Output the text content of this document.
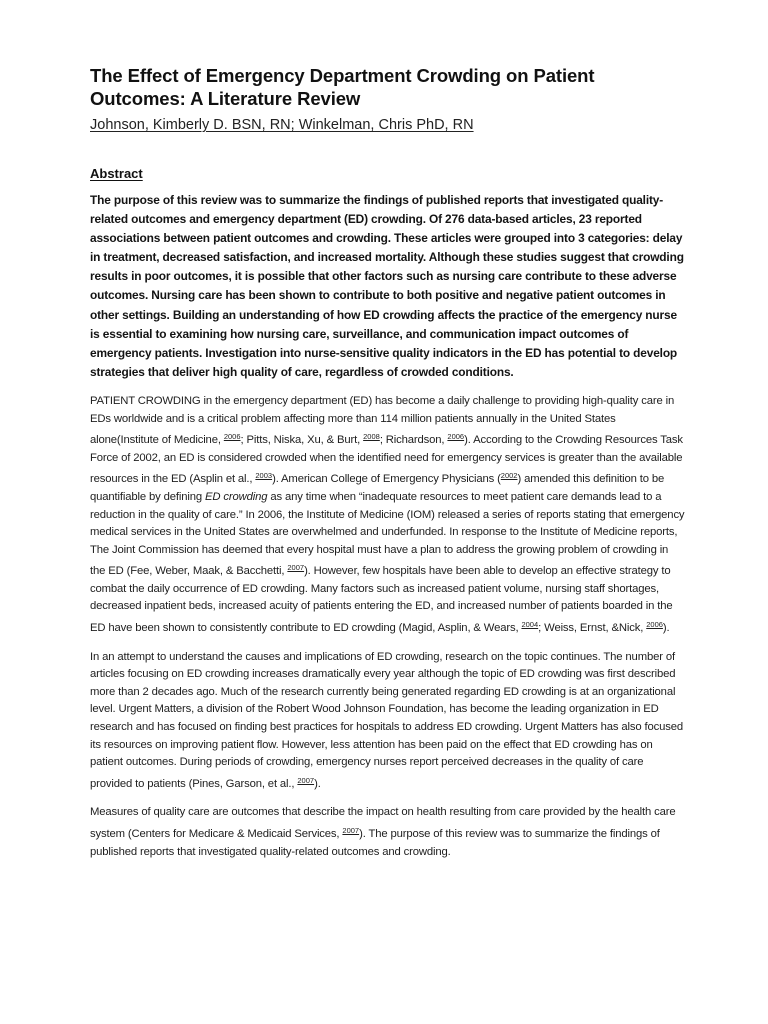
The Effect of Emergency Department Crowding on Patient Outcomes: A Literature Review
Johnson, Kimberly D. BSN, RN; Winkelman, Chris PhD, RN
Abstract

The purpose of this review was to summarize the findings of published reports that investigated quality-related outcomes and emergency department (ED) crowding. Of 276 data-based articles, 23 reported associations between patient outcomes and crowding. These articles were grouped into 3 categories: delay in treatment, decreased satisfaction, and increased mortality. Although these studies suggest that crowding results in poor outcomes, it is possible that other factors such as nursing care contribute to these adverse outcomes. Nursing care has been shown to contribute to both positive and negative patient outcomes in other settings. Building an understanding of how ED crowding affects the practice of the emergency nurse is essential to examining how nursing care, surveillance, and communication impact outcomes of emergency patients. Investigation into nurse-sensitive quality indicators in the ED has potential to develop strategies that deliver high quality of care, regardless of crowded conditions.

PATIENT CROWDING in the emergency department (ED) has become a daily challenge to providing high-quality care in EDs worldwide and is a critical problem affecting more than 114 million patients annually in the United States alone(Institute of Medicine, $^{2006}$; Pitts, Niska, Xu, & Burt, $^{2008}$; Richardson, $^{2006}$). According to the Crowding Resources Task Force of 2002, an ED is considered crowded when the identified need for emergency services is greater than the available resources in the ED (Asplin et al., $^{2003}$). American College of Emergency Physicians ($^{2002}$) amended this definition to be quantifiable by defining ED crowding as any time when “inadequate resources to meet patient care demands lead to a reduction in the quality of care.” In 2006, the Institute of Medicine (IOM) released a series of reports stating that emergency medical services in the United States are overwhelmed and underfunded. In response to the Institute of Medicine reports, The Joint Commission has deemed that every hospital must have a plan to address the growing problem of crowding in the ED (Fee, Weber, Maak, & Bacchetti, $^{2007}$). However, few hospitals have been able to develop an effective strategy to combat the daily occurrence of ED crowding. Many factors such as increased patient volume, nursing staff shortages, decreased inpatient beds, increased acuity of patients entering the ED, and increased number of patients boarded in the ED have been shown to consistently contribute to ED crowding (Magid, Asplin, & Wears, $^{2004}$; Weiss, Ernst, &Nick, $^{2006}$).

In an attempt to understand the causes and implications of ED crowding, research on the topic continues. The number of articles focusing on ED crowding increases dramatically every year although the topic of ED crowding was first described more than 2 decades ago. Much of the research currently being generated regarding ED crowding is at an organizational level. Urgent Matters, a division of the Robert Wood Johnson Foundation, has become the leading organization in ED research and has focused on finding best practices for hospitals to address ED crowding. Urgent Matters has also focused its resources on improving patient flow. However, less attention has been paid on the effect that ED crowding has on patient outcomes. During periods of crowding, emergency nurses report perceived decreases in the quality of care provided to patients (Pines, Garson, et al., $^{2007}$).

Measures of quality care are outcomes that describe the impact on health resulting from care provided by the health care system (Centers for Medicare & Medicaid Services, $^{2007}$). The purpose of this review was to summarize the findings of published reports that investigated quality-related outcomes and crowding.
